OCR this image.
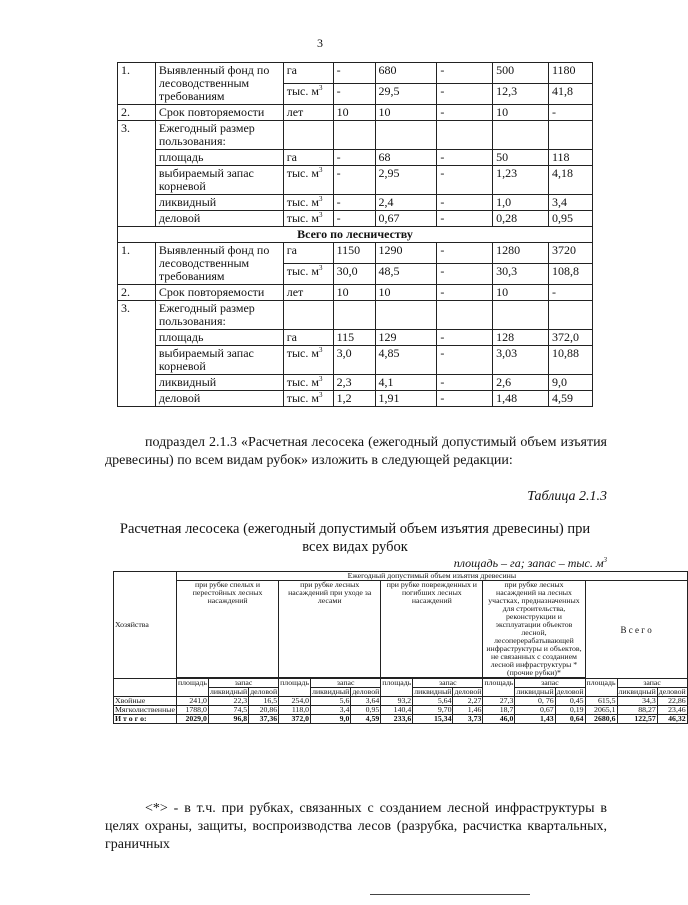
3
1.	Выявленный фонд по лесоводственным требованиям	га	-	680	-	500	1180
		тыс. $м^3$	-	29,5	-	12,3	41,8
2.	Срок повторяемости	лет	10	10	-	10	-
3.	Ежегодный размер пользования:						
	площадь	га	-	68	-	50	118
	выбираемый запас корневой	тыс. $м^3$	-	2,95	-	1,23	4,18
	ликвидный	тыс. $м^3$	-	2,4	-	1,0	3,4
	деловой	тыс. $м^3$	-	0,67	-	0,28	0,95
Всего по лесничеству							
1.	Выявленный фонд по лесоводственным требованиям	га	1150	1290	-	1280	3720
		тыс. $м^3$	30,0	48,5	-	30,3	108,8
2.	Срок повторяемости	лет	10	10	-	10	-
3.	Ежегодный размер пользования:						
	площадь	га	115	129	-	128	372,0
	выбираемый запас корневой	тыс. $м^3$	3,0	4,85	-	3,03	10,88
	ликвидный	тыс. $м^3$	2,3	4,1	-	2,6	9,0
	деловой	тыс. $м^3$	1,2	1,91	-	1,48	4,59
подраздел 2.1.3 «Расчетная лесосека (ежегодный допустимый объем изъятия древесины) по всем видам рубок» изложить в следующей редакции:
Таблица 2.1.3
Расчетная лесосека (ежегодный допустимый объем изъятия древесины) при всех видах рубок
площадь – га; запас – тыс. $м^3$
Хозяйства	Ежегодный допустимый объем изъятия древесины														
	при рубке спелых и перестойных лесных насаждений			при рубке лесных насаждений при уходе за лесами			при рубке поврежденных и погибших лесных насаждений			при рубке лесных насаждений на лесных участках, предназначенных для строительства, реконструкции и эксплуатации объектов лесной, лесоперерабатывающей инфраструктуры и объектов, не связанных с созданием лесной инфраструктуры * (прочие рубки)*			В с е г о		

	площадь	запас		площадь	запас		площадь	запас		площадь	запас		площадь	запас	
		ликвидный	деловой		ликвидный	деловой		ликвидный	деловой		ликвидный	деловой		ликвидный	деловой
Хвойные	241,0	22,3	16,5	254,0	5,6	3,64	93,2	5,64	2,27	27,3	0, 76	0,45	615,5	34,3	22,86
Мягколиственные	1788,0	74,5	20,86	118,0	3,4	0,95	140,4	9,70	1,46	18,7	0,67	0,19	2065,1	88,27	23,46
И т о г о:	2029,0	96,8	37,36	372,0	9,0	4,59	233,6	15,34	3,73	46,0	1,43	0,64	2680,6	122,57	46,32
<*> - в т.ч. при рубках, связанных с созданием лесной инфраструктуры в целях охраны, защиты, воспроизводства лесов (разрубка, расчистка квартальных, граничных
